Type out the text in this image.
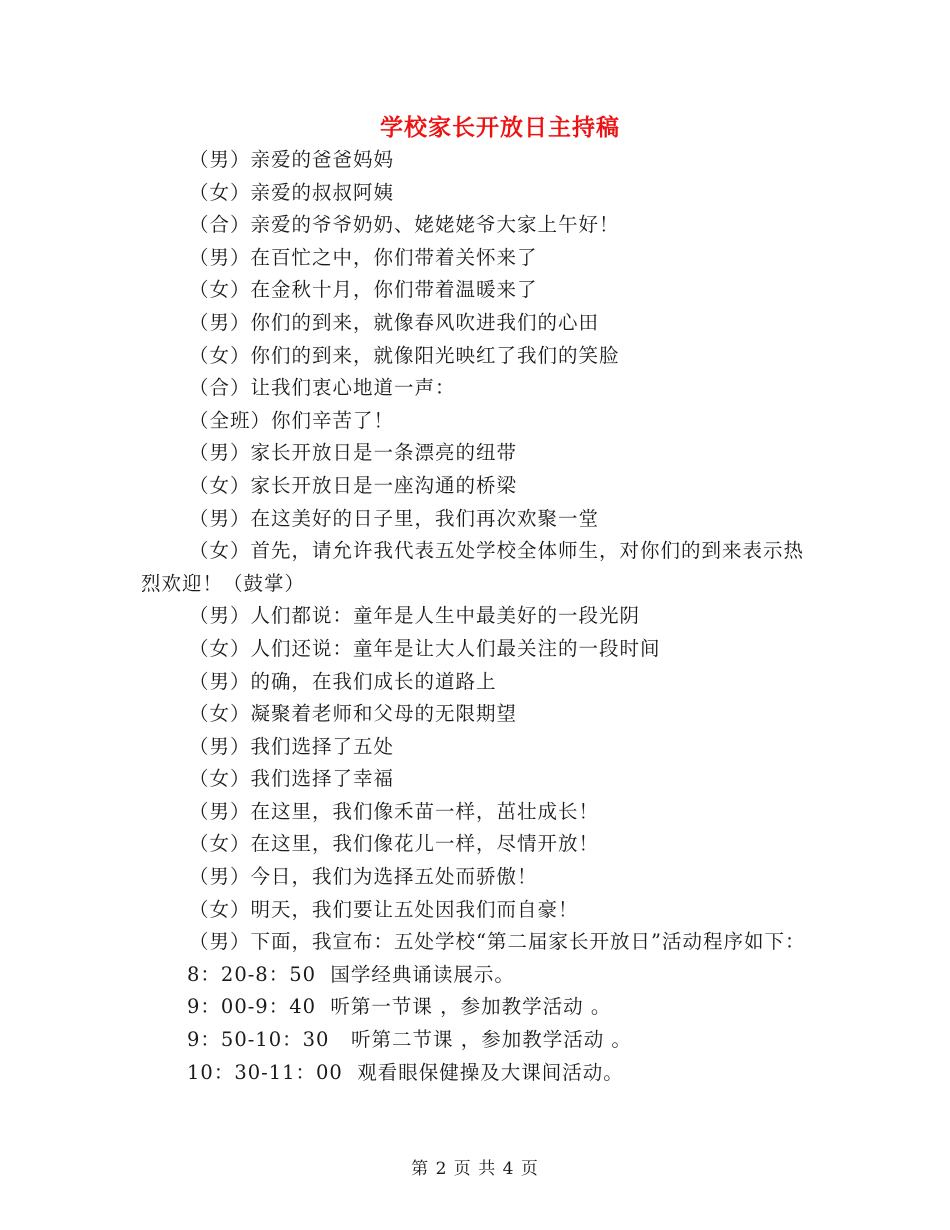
学校家长开放日主持稿

（男）亲爱的爸爸妈妈

（女）亲爱的叔叔阿姨

（合）亲爱的爷爷奶奶、姥姥姥爷大家上午好！

（男）在百忙之中，你们带着关怀来了

（女）在金秋十月，你们带着温暖来了

（男）你们的到来，就像春风吹进我们的心田

（女）你们的到来，就像阳光映红了我们的笑脸

（合）让我们衷心地道一声：

（全班）你们辛苦了！

（男）家长开放日是一条漂亮的纽带

（女）家长开放日是一座沟通的桥梁

（男）在这美好的日子里，我们再次欢聚一堂

（女）首先，请允许我代表五处学校全体师生，对你们的到来表示热烈欢迎！（鼓掌）

（男）人们都说：童年是人生中最美好的一段光阴

（女）人们还说：童年是让大人们最关注的一段时间

（男）的确，在我们成长的道路上

（女）凝聚着老师和父母的无限期望

（男）我们选择了五处

（女）我们选择了幸福

（男）在这里，我们像禾苗一样，茁壮成长！

（女）在这里，我们像花儿一样，尽情开放！

（男）今日，我们为选择五处而骄傲！

（女）明天，我们要让五处因我们而自豪！

（男）下面，我宣布：五处学校“第二届家长开放日”活动程序如下：

8：20-8：50  国学经典诵读展示。

9：00-9：40  听第一节课 ，参加教学活动 。

9：50-10：30   听第二节课 ，参加教学活动 。

10：30-11：00  观看眼保健操及大课间活动。

第 2 页 共 4 页
